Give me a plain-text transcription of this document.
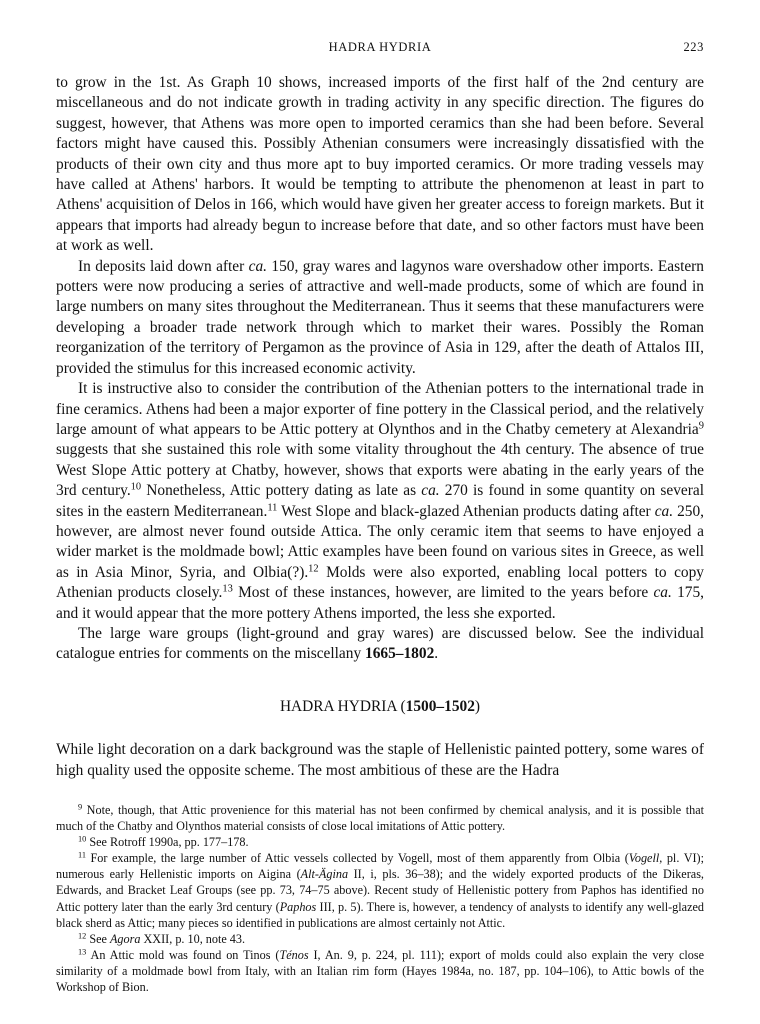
HADRA HYDRIA	223

to grow in the 1st. As Graph 10 shows, increased imports of the first half of the 2nd century are miscellaneous and do not indicate growth in trading activity in any specific direction. The figures do suggest, however, that Athens was more open to imported ceramics than she had been before. Several factors might have caused this. Possibly Athenian consumers were increasingly dissatisfied with the products of their own city and thus more apt to buy imported ceramics. Or more trading vessels may have called at Athens' harbors. It would be tempting to attribute the phenomenon at least in part to Athens' acquisition of Delos in 166, which would have given her greater access to foreign markets. But it appears that imports had already begun to increase before that date, and so other factors must have been at work as well.

In deposits laid down after ca. 150, gray wares and lagynos ware overshadow other imports. Eastern potters were now producing a series of attractive and well-made products, some of which are found in large numbers on many sites throughout the Mediterranean. Thus it seems that these manufacturers were developing a broader trade network through which to market their wares. Possibly the Roman reorganization of the territory of Pergamon as the province of Asia in 129, after the death of Attalos III, provided the stimulus for this increased economic activity.

It is instructive also to consider the contribution of the Athenian potters to the international trade in fine ceramics. Athens had been a major exporter of fine pottery in the Classical period, and the relatively large amount of what appears to be Attic pottery at Olynthos and in the Chatby cemetery at Alexandria$^9$ suggests that she sustained this role with some vitality throughout the 4th century. The absence of true West Slope Attic pottery at Chatby, however, shows that exports were abating in the early years of the 3rd century.$^{10}$ Nonetheless, Attic pottery dating as late as ca. 270 is found in some quantity on several sites in the eastern Mediterranean.$^{11}$ West Slope and black-glazed Athenian products dating after ca. 250, however, are almost never found outside Attica. The only ceramic item that seems to have enjoyed a wider market is the moldmade bowl; Attic examples have been found on various sites in Greece, as well as in Asia Minor, Syria, and Olbia(?).$^{12}$ Molds were also exported, enabling local potters to copy Athenian products closely.$^{13}$ Most of these instances, however, are limited to the years before ca. 175, and it would appear that the more pottery Athens imported, the less she exported.

The large ware groups (light-ground and gray wares) are discussed below. See the individual catalogue entries for comments on the miscellany 1665–1802.

HADRA HYDRIA (1500–1502)

While light decoration on a dark background was the staple of Hellenistic painted pottery, some wares of high quality used the opposite scheme. The most ambitious of these are the Hadra

$^9$ Note, though, that Attic provenience for this material has not been confirmed by chemical analysis, and it is possible that much of the Chatby and Olynthos material consists of close local imitations of Attic pottery.

$^{10}$ See Rotroff 1990a, pp. 177–178.

$^{11}$ For example, the large number of Attic vessels collected by Vogell, most of them apparently from Olbia (Vogell, pl. VI); numerous early Hellenistic imports on Aigina (Alt-Ägina II, i, pls. 36–38); and the widely exported products of the Dikeras, Edwards, and Bracket Leaf Groups (see pp. 73, 74–75 above). Recent study of Hellenistic pottery from Paphos has identified no Attic pottery later than the early 3rd century (Paphos III, p. 5). There is, however, a tendency of analysts to identify any well-glazed black sherd as Attic; many pieces so identified in publications are almost certainly not Attic.

$^{12}$ See Agora XXII, p. 10, note 43.

$^{13}$ An Attic mold was found on Tinos (Ténos I, An. 9, p. 224, pl. 111); export of molds could also explain the very close similarity of a moldmade bowl from Italy, with an Italian rim form (Hayes 1984a, no. 187, pp. 104–106), to Attic bowls of the Workshop of Bion.
